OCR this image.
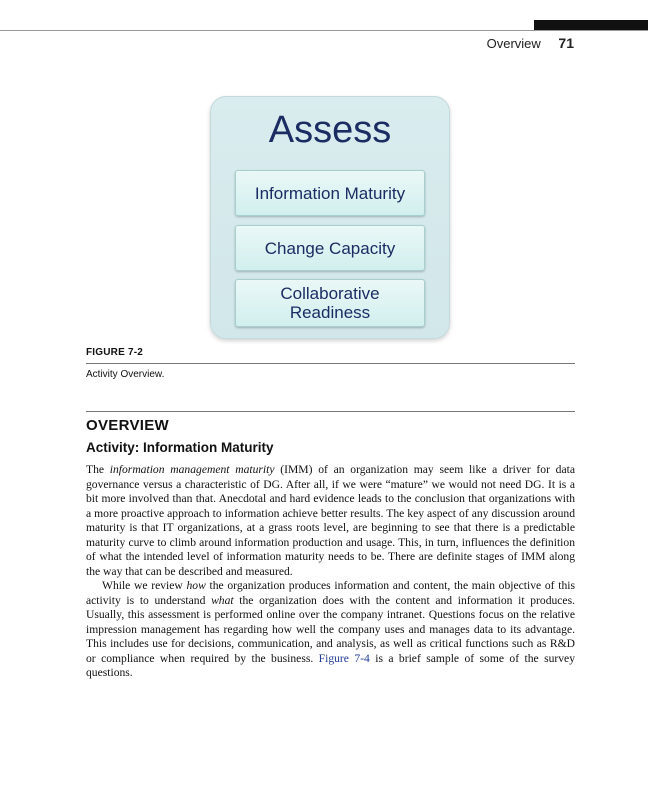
Overview 71
Assess
Information Maturity
Change Capacity
Collaborative Readiness
FIGURE 7-2
Activity Overview.
OVERVIEW
Activity: Information Maturity

The information management maturity (IMM) of an organization may seem like a driver for data governance versus a characteristic of DG. After all, if we were “mature” we would not need DG. It is a bit more involved than that. Anecdotal and hard evidence leads to the conclusion that organizations with a more proactive approach to information achieve better results. The key aspect of any discussion around maturity is that IT organizations, at a grass roots level, are beginning to see that there is a predictable maturity curve to climb around information production and usage. This, in turn, influences the definition of what the intended level of information maturity needs to be. There are definite stages of IMM along the way that can be described and measured.

While we review how the organization produces information and content, the main objective of this activity is to understand what the organization does with the content and information it produces. Usually, this assessment is performed online over the company intranet. Questions focus on the relative impression management has regarding how well the company uses and manages data to its advantage. This includes use for decisions, communication, and analysis, as well as critical functions such as R&D or compliance when required by the business. Figure 7-4 is a brief sample of some of the survey questions.
